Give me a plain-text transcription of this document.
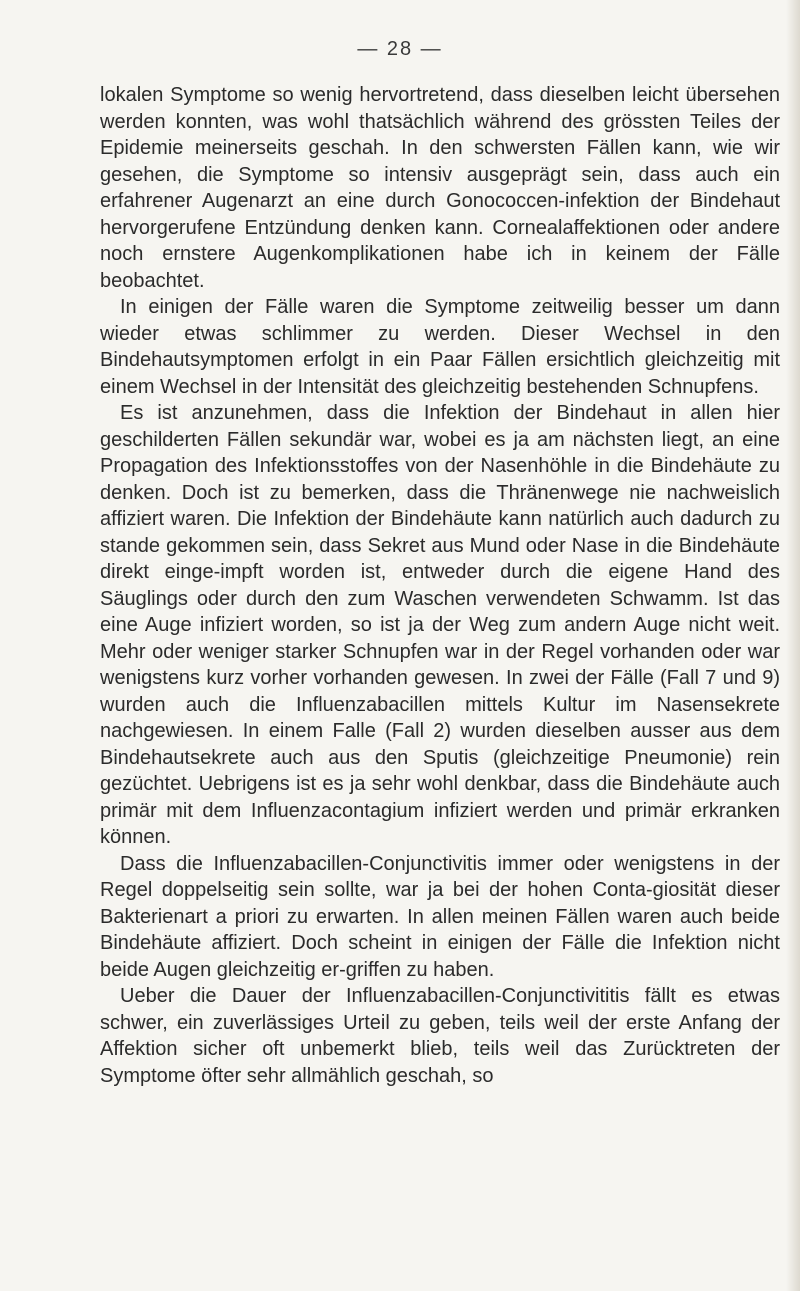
— 28 —

lokalen Symptome so wenig hervortretend, dass dieselben leicht übersehen werden konnten, was wohl thatsächlich während des grössten Teiles der Epidemie meinerseits geschah. In den schwersten Fällen kann, wie wir gesehen, die Symptome so intensiv ausgeprägt sein, dass auch ein erfahrener Augenarzt an eine durch Gonococcen-infektion der Bindehaut hervorgerufene Entzündung denken kann. Cornealaffektionen oder andere noch ernstere Augenkomplikationen habe ich in keinem der Fälle beobachtet.

In einigen der Fälle waren die Symptome zeitweilig besser um dann wieder etwas schlimmer zu werden. Dieser Wechsel in den Bindehautsymptomen erfolgt in ein Paar Fällen ersichtlich gleichzeitig mit einem Wechsel in der Intensität des gleichzeitig bestehenden Schnupfens.

Es ist anzunehmen, dass die Infektion der Bindehaut in allen hier geschilderten Fällen sekundär war, wobei es ja am nächsten liegt, an eine Propagation des Infektionsstoffes von der Nasenhöhle in die Bindehäute zu denken. Doch ist zu bemerken, dass die Thränenwege nie nachweislich affiziert waren. Die Infektion der Bindehäute kann natürlich auch dadurch zu stande gekommen sein, dass Sekret aus Mund oder Nase in die Bindehäute direkt einge-impft worden ist, entweder durch die eigene Hand des Säuglings oder durch den zum Waschen verwendeten Schwamm. Ist das eine Auge infiziert worden, so ist ja der Weg zum andern Auge nicht weit. Mehr oder weniger starker Schnupfen war in der Regel vorhanden oder war wenigstens kurz vorher vorhanden gewesen. In zwei der Fälle (Fall 7 und 9) wurden auch die Influenzabacillen mittels Kultur im Nasensekrete nachgewiesen. In einem Falle (Fall 2) wurden dieselben ausser aus dem Bindehautsekrete auch aus den Sputis (gleichzeitige Pneumonie) rein gezüchtet. Uebrigens ist es ja sehr wohl denkbar, dass die Bindehäute auch primär mit dem Influenzacontagium infiziert werden und primär erkranken können.

Dass die Influenzabacillen-Conjunctivitis immer oder wenigstens in der Regel doppelseitig sein sollte, war ja bei der hohen Conta-giosität dieser Bakterienart a priori zu erwarten. In allen meinen Fällen waren auch beide Bindehäute affiziert. Doch scheint in einigen der Fälle die Infektion nicht beide Augen gleichzeitig er-griffen zu haben.

Ueber die Dauer der Influenzabacillen-Conjunctivititis fällt es etwas schwer, ein zuverlässiges Urteil zu geben, teils weil der erste Anfang der Affektion sicher oft unbemerkt blieb, teils weil das Zurücktreten der Symptome öfter sehr allmählich geschah, so
